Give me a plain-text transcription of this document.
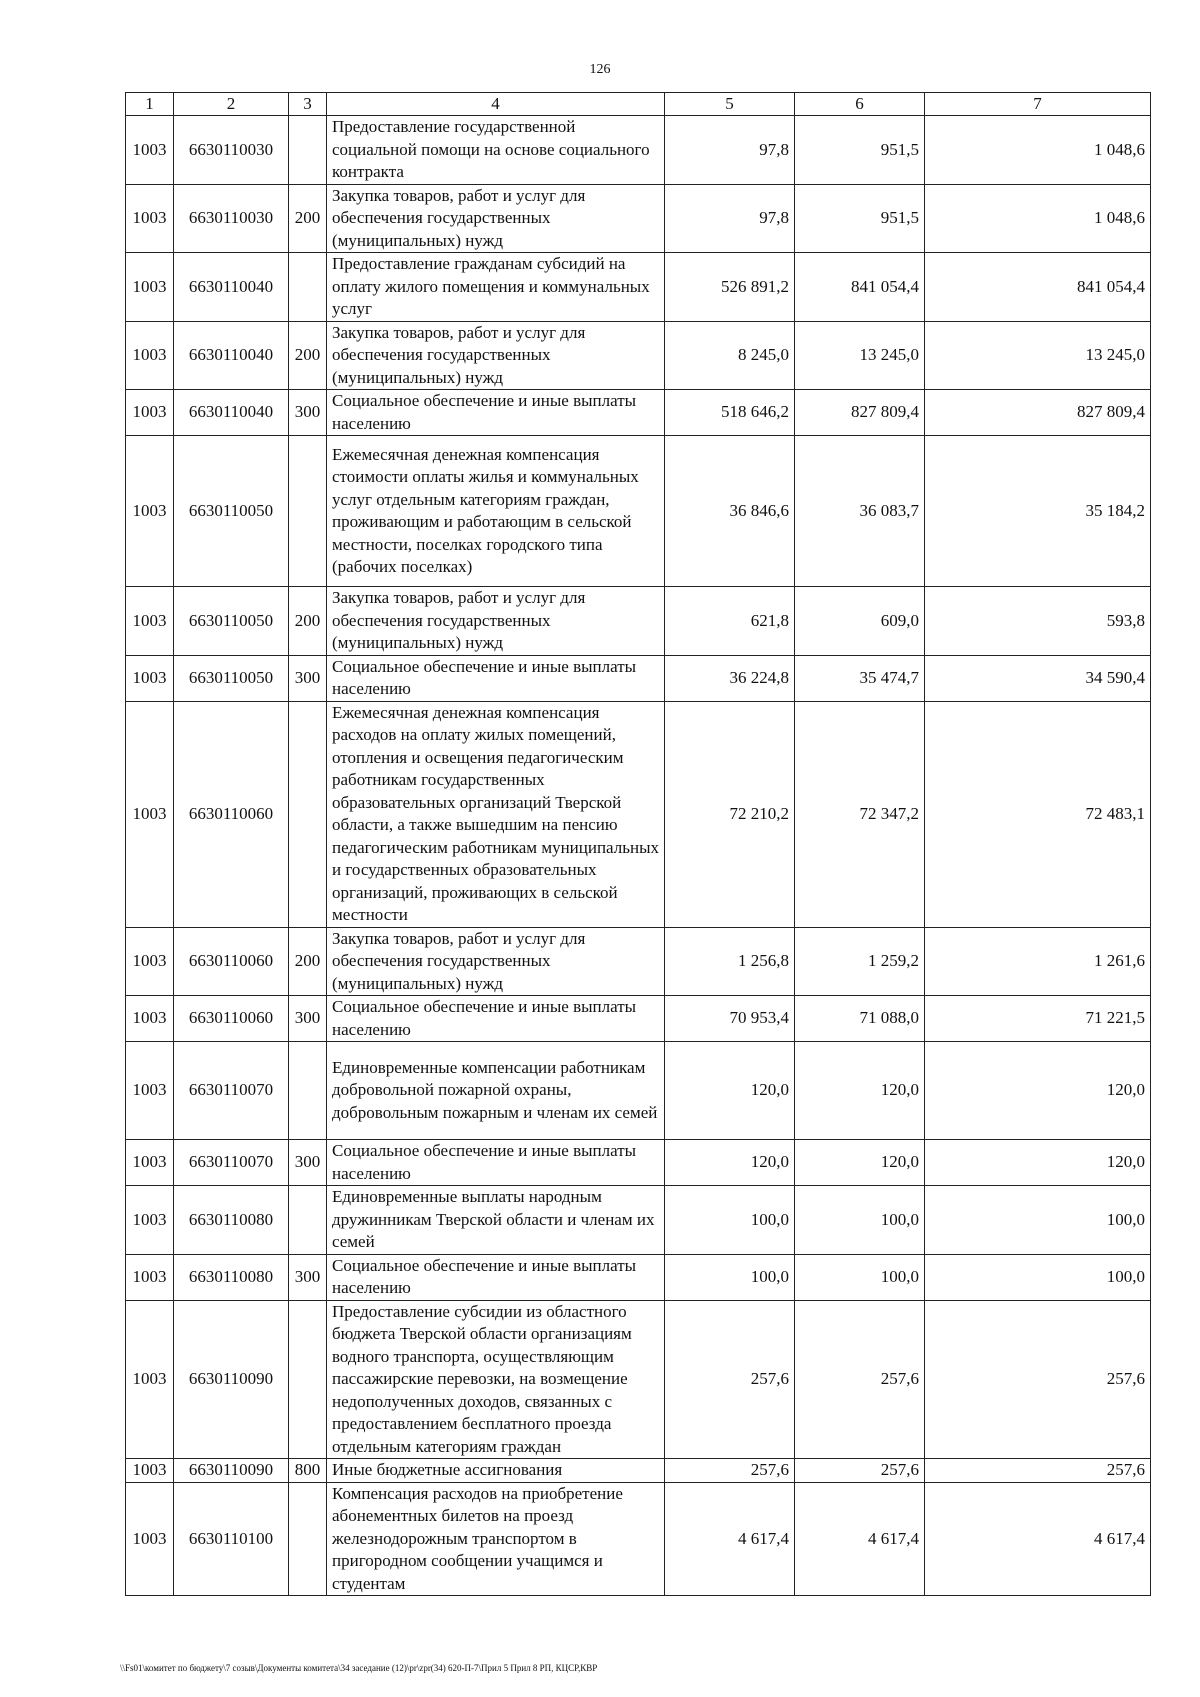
126
1	2	3	4	5	6	7
1003	6630110030		Предоставление государственной социальной помощи на основе социального контракта	97,8	951,5	1 048,6
1003	6630110030	200	Закупка товаров, работ и услуг для обеспечения государственных (муниципальных) нужд	97,8	951,5	1 048,6
1003	6630110040		Предоставление гражданам субсидий на оплату жилого помещения и коммунальных услуг	526 891,2	841 054,4	841 054,4
1003	6630110040	200	Закупка товаров, работ и услуг для обеспечения государственных (муниципальных) нужд	8 245,0	13 245,0	13 245,0
1003	6630110040	300	Социальное обеспечение и иные выплаты населению	518 646,2	827 809,4	827 809,4
1003	6630110050		Ежемесячная денежная компенсация стоимости оплаты жилья и коммунальных услуг отдельным категориям граждан, проживающим и работающим в сельской местности, поселках городского типа (рабочих поселках)	36 846,6	36 083,7	35 184,2
1003	6630110050	200	Закупка товаров, работ и услуг для обеспечения государственных (муниципальных) нужд	621,8	609,0	593,8
1003	6630110050	300	Социальное обеспечение и иные выплаты населению	36 224,8	35 474,7	34 590,4
1003	6630110060		Ежемесячная денежная компенсация расходов на оплату жилых помещений, отопления и освещения педагогическим работникам государственных образовательных организаций Тверской области, а также вышедшим на пенсию педагогическим работникам муниципальных и государственных образовательных организаций, проживающих в сельской местности	72 210,2	72 347,2	72 483,1
1003	6630110060	200	Закупка товаров, работ и услуг для обеспечения государственных (муниципальных) нужд	1 256,8	1 259,2	1 261,6
1003	6630110060	300	Социальное обеспечение и иные выплаты населению	70 953,4	71 088,0	71 221,5
1003	6630110070		Единовременные компенсации работникам добровольной пожарной охраны, добровольным пожарным и членам их семей	120,0	120,0	120,0
1003	6630110070	300	Социальное обеспечение и иные выплаты населению	120,0	120,0	120,0
1003	6630110080		Единовременные выплаты народным дружинникам Тверской области и членам их семей	100,0	100,0	100,0
1003	6630110080	300	Социальное обеспечение и иные выплаты населению	100,0	100,0	100,0
1003	6630110090		Предоставление субсидии из областного бюджета Тверской области организациям водного транспорта, осуществляющим пассажирские перевозки, на возмещение недополученных доходов, связанных с предоставлением бесплатного проезда отдельным категориям граждан	257,6	257,6	257,6
1003	6630110090	800	Иные бюджетные ассигнования	257,6	257,6	257,6
1003	6630110100		Компенсация расходов на приобретение абонементных билетов на проезд железнодорожным транспортом в пригородном сообщении учащимся и студентам	4 617,4	4 617,4	4 617,4
\\Fs01\комитет по бюджету\7 созыв\Документы комитета\34 заседание (12)\pr\zpr(34) 620-П-7\Прил 5 Прил 8 РП, КЦСР,КВР
